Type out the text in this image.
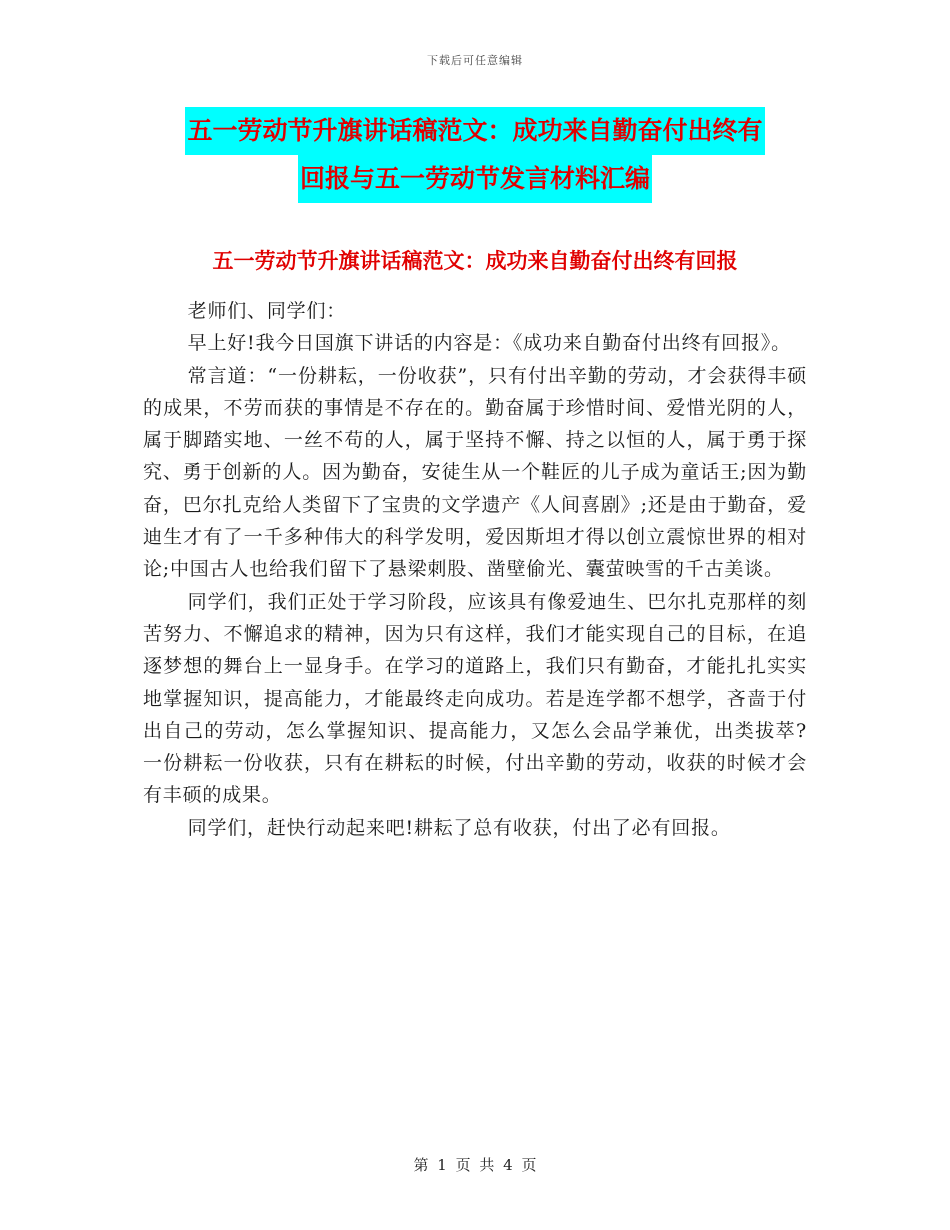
下载后可任意编辑
五一劳动节升旗讲话稿范文：成功来自勤奋付出终有
回报与五一劳动节发言材料汇编
五一劳动节升旗讲话稿范文：成功来自勤奋付出终有回报

老师们、同学们：

早上好!我今日国旗下讲话的内容是：《成功来自勤奋付出终有回报》。

常言道：“一份耕耘，一份收获”，只有付出辛勤的劳动，才会获得丰硕的成果，不劳而获的事情是不存在的。勤奋属于珍惜时间、爱惜光阴的人，属于脚踏实地、一丝不苟的人，属于坚持不懈、持之以恒的人，属于勇于探究、勇于创新的人。因为勤奋，安徒生从一个鞋匠的儿子成为童话王;因为勤奋，巴尔扎克给人类留下了宝贵的文学遗产《人间喜剧》;还是由于勤奋，爱迪生才有了一千多种伟大的科学发明，爱因斯坦才得以创立震惊世界的相对论;中国古人也给我们留下了悬梁刺股、凿壁偷光、囊萤映雪的千古美谈。

同学们，我们正处于学习阶段，应该具有像爱迪生、巴尔扎克那样的刻苦努力、不懈追求的精神，因为只有这样，我们才能实现自己的目标，在追逐梦想的舞台上一显身手。在学习的道路上，我们只有勤奋，才能扎扎实实地掌握知识，提高能力，才能最终走向成功。若是连学都不想学，吝啬于付出自己的劳动，怎么掌握知识、提高能力，又怎么会品学兼优，出类拔萃?一份耕耘一份收获，只有在耕耘的时候，付出辛勤的劳动，收获的时候才会有丰硕的成果。

同学们，赶快行动起来吧!耕耘了总有收获，付出了必有回报。

第 1 页 共 4 页
